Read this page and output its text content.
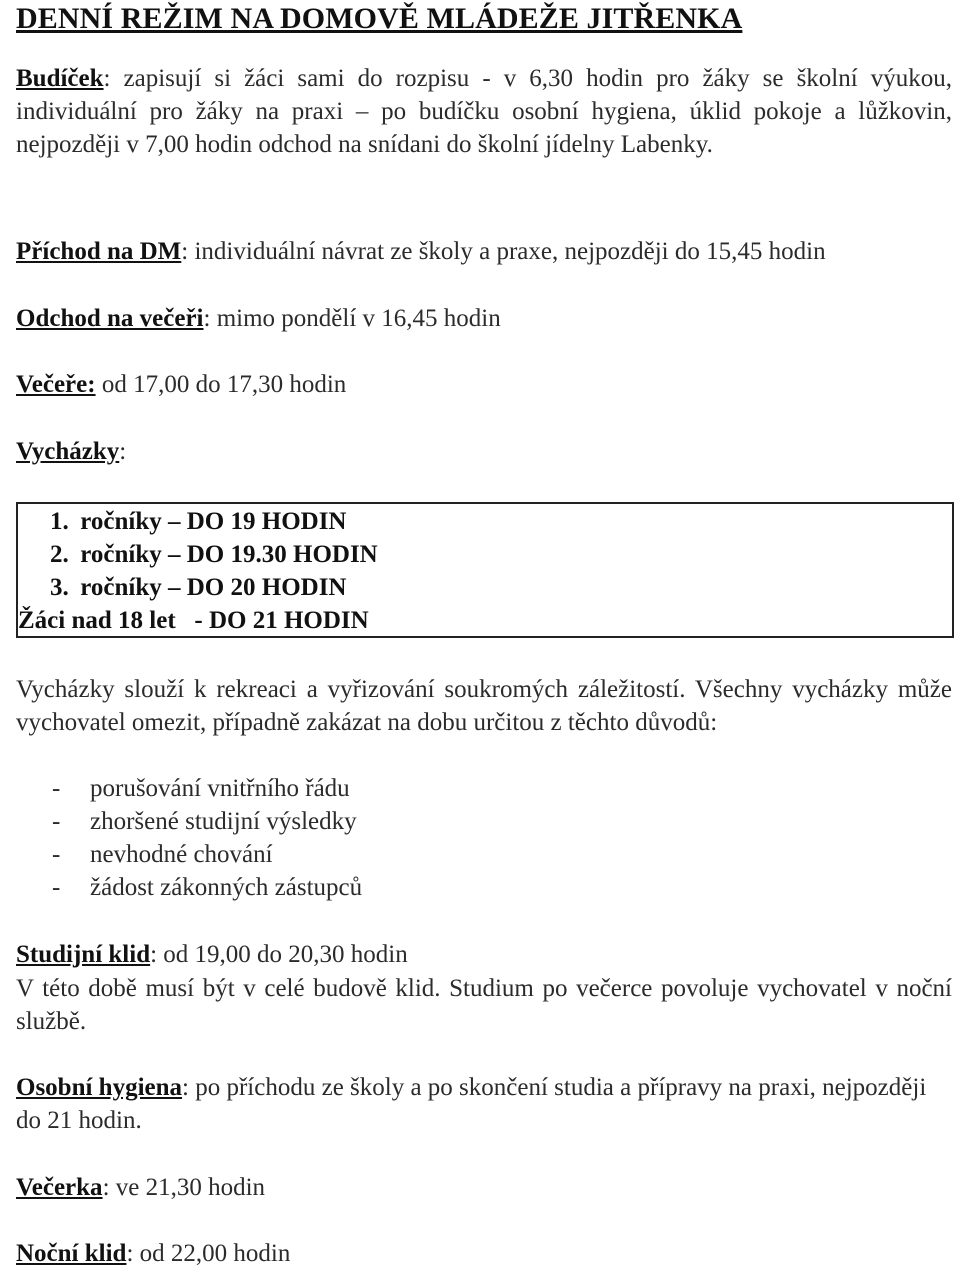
DENNÍ REŽIM NA DOMOVĚ MLÁDEŽE JITŘENKA

Budíček: zapisují si žáci sami do rozpisu - v 6,30 hodin pro žáky se školní výukou, individuální pro žáky na praxi – po budíčku osobní hygiena, úklid pokoje a lůžkovin, nejpozději v 7,00 hodin odchod na snídani do školní jídelny Labenky.

Příchod na DM: individuální návrat ze školy a praxe, nejpozději do 15,45 hodin

Odchod na večeři: mimo pondělí v 16,45 hodin

Večeře: od 17,00 do 17,30 hodin

Vycházky:

1. ročníky – DO 19 HODIN
2. ročníky – DO 19.30 HODIN
3. ročníky – DO 20 HODIN
Žáci nad 18 let   - DO 21 HODIN

Vycházky slouží k rekreaci a vyřizování soukromých záležitostí. Všechny vycházky může vychovatel omezit, případně zakázat na dobu určitou z těchto důvodů:

- porušování vnitřního řádu
- zhoršené studijní výsledky
- nevhodné chování
- žádost zákonných zástupců

Studijní klid: od 19,00 do 20,30 hodin

V této době musí být v celé budově klid. Studium po večerce povoluje vychovatel v noční službě.

Osobní hygiena: po příchodu ze školy a po skončení studia a přípravy na praxi, nejpozději do 21 hodin.

Večerka: ve 21,30 hodin

Noční klid: od 22,00 hodin
